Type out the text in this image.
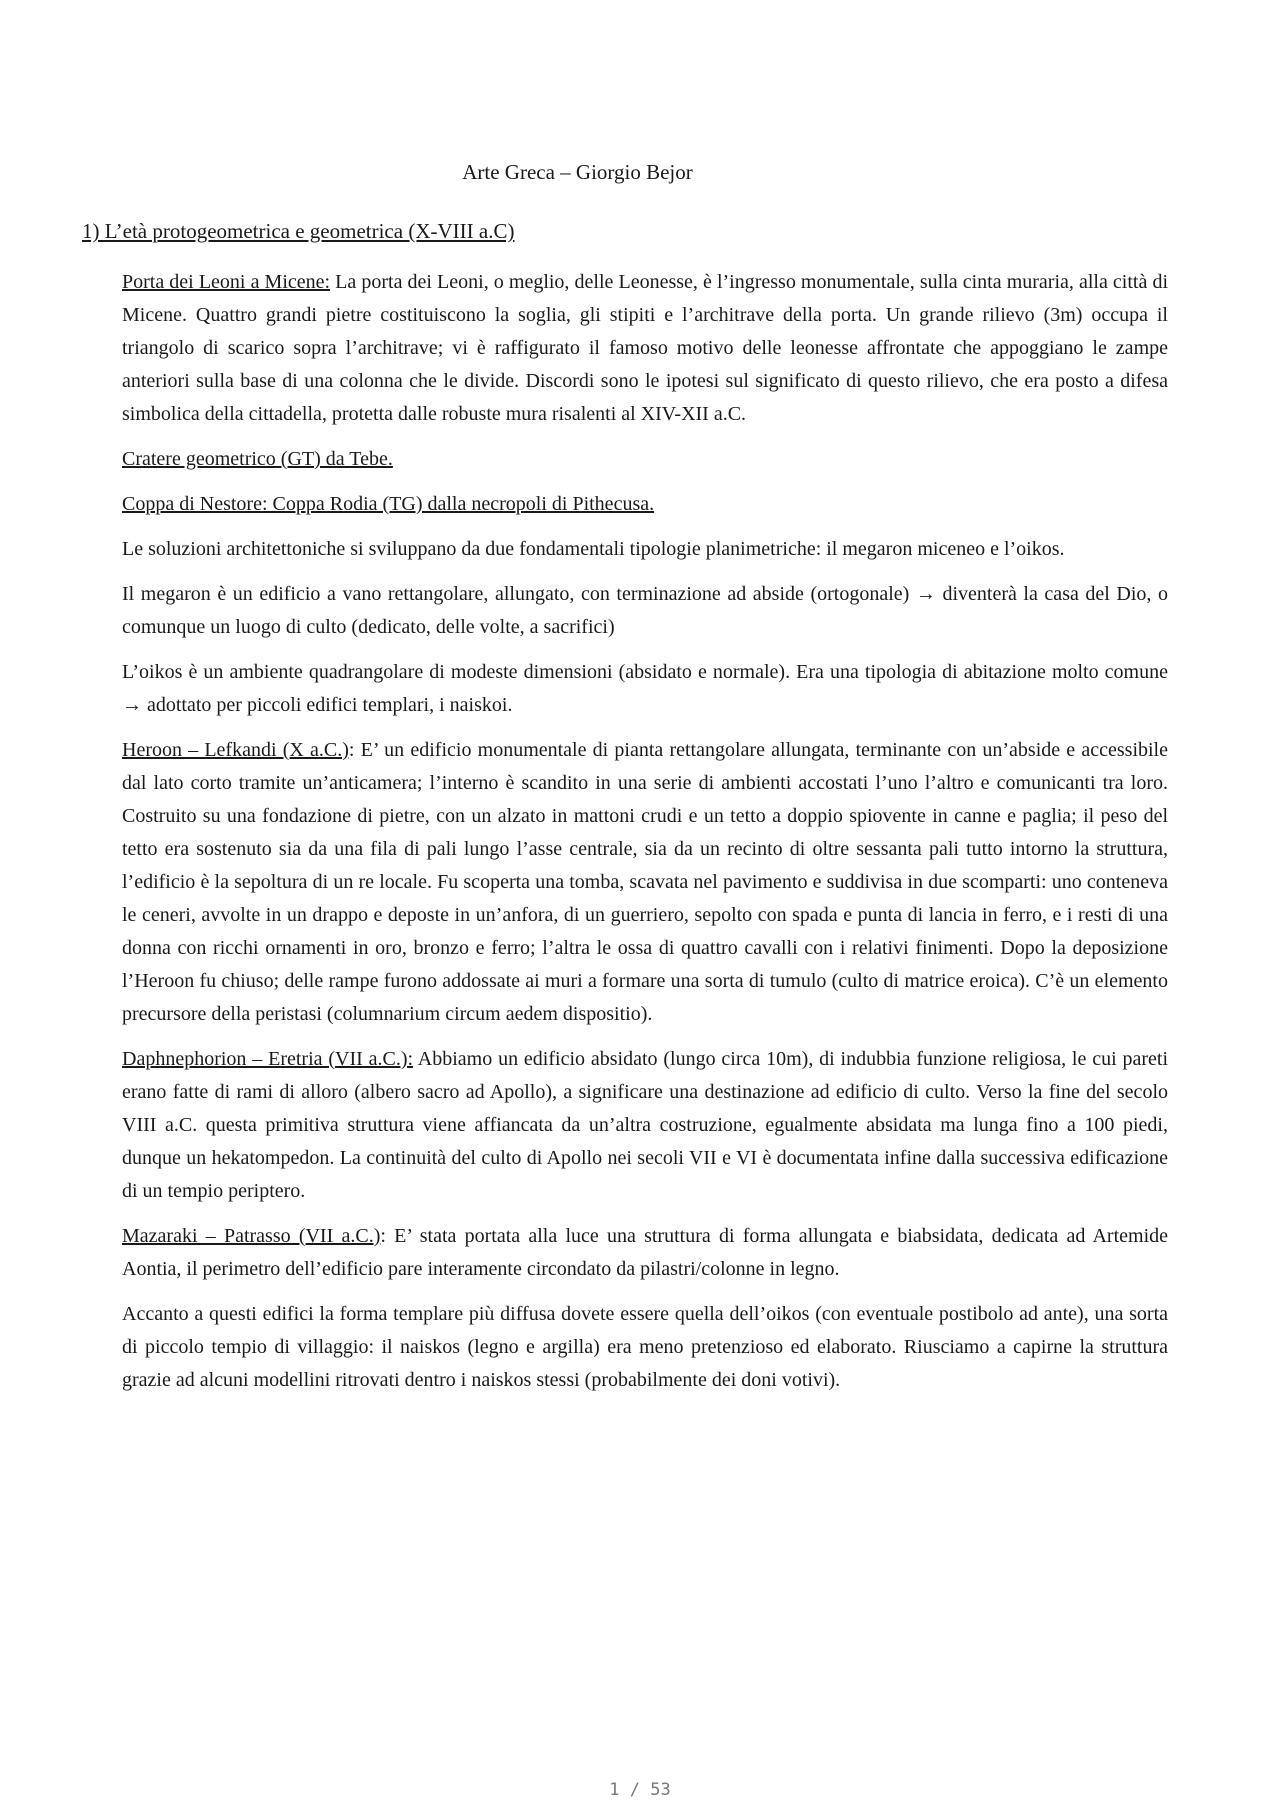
Arte Greca – Giorgio Bejor
1) L’età protogeometrica e geometrica (X-VIII a.C)

Porta dei Leoni a Micene: La porta dei Leoni, o meglio, delle Leonesse, è l’ingresso monumentale, sulla cinta muraria, alla città di Micene. Quattro grandi pietre costituiscono la soglia, gli stipiti e l’architrave della porta. Un grande rilievo (3m) occupa il triangolo di scarico sopra l’architrave; vi è raffigurato il famoso motivo delle leonesse affrontate che appoggiano le zampe anteriori sulla base di una colonna che le divide. Discordi sono le ipotesi sul significato di questo rilievo, che era posto a difesa simbolica della cittadella, protetta dalle robuste mura risalenti al XIV-XII a.C.

Cratere geometrico (GT) da Tebe.

Coppa di Nestore: Coppa Rodia (TG) dalla necropoli di Pithecusa.

Le soluzioni architettoniche si sviluppano da due fondamentali tipologie planimetriche: il megaron miceneo e l’oikos.

Il megaron è un edificio a vano rettangolare, allungato, con terminazione ad abside (ortogonale) → diventerà la casa del Dio, o comunque un luogo di culto (dedicato, delle volte, a sacrifici)

L’oikos è un ambiente quadrangolare di modeste dimensioni (absidato e normale). Era una tipologia di abitazione molto comune → adottato per piccoli edifici templari, i naiskoi.

Heroon – Lefkandi (X a.C.): E’ un edificio monumentale di pianta rettangolare allungata, terminante con un’abside e accessibile dal lato corto tramite un’anticamera; l’interno è scandito in una serie di ambienti accostati l’uno l’altro e comunicanti tra loro. Costruito su una fondazione di pietre, con un alzato in mattoni crudi e un tetto a doppio spiovente in canne e paglia; il peso del tetto era sostenuto sia da una fila di pali lungo l’asse centrale, sia da un recinto di oltre sessanta pali tutto intorno la struttura, l’edificio è la sepoltura di un re locale. Fu scoperta una tomba, scavata nel pavimento e suddivisa in due scomparti: uno conteneva le ceneri, avvolte in un drappo e deposte in un’anfora, di un guerriero, sepolto con spada e punta di lancia in ferro, e i resti di una donna con ricchi ornamenti in oro, bronzo e ferro; l’altra le ossa di quattro cavalli con i relativi finimenti. Dopo la deposizione l’Heroon fu chiuso; delle rampe furono addossate ai muri a formare una sorta di tumulo (culto di matrice eroica). C’è un elemento precursore della peristasi (columnarium circum aedem dispositio).

Daphnephorion – Eretria (VII a.C.): Abbiamo un edificio absidato (lungo circa 10m), di indubbia funzione religiosa, le cui pareti erano fatte di rami di alloro (albero sacro ad Apollo), a significare una destinazione ad edificio di culto. Verso la fine del secolo VIII a.C. questa primitiva struttura viene affiancata da un’altra costruzione, egualmente absidata ma lunga fino a 100 piedi, dunque un hekatompedon. La continuità del culto di Apollo nei secoli VII e VI è documentata infine dalla successiva edificazione di un tempio periptero.

Mazaraki – Patrasso (VII a.C.): E’ stata portata alla luce una struttura di forma allungata e biabsidata, dedicata ad Artemide Aontia, il perimetro dell’edificio pare interamente circondato da pilastri/colonne in legno.

Accanto a questi edifici la forma templare più diffusa dovete essere quella dell’oikos (con eventuale postibolo ad ante), una sorta di piccolo tempio di villaggio: il naiskos (legno e argilla) era meno pretenzioso ed elaborato. Riusciamo a capirne la struttura grazie ad alcuni modellini ritrovati dentro i naiskos stessi (probabilmente dei doni votivi).

1 / 53
